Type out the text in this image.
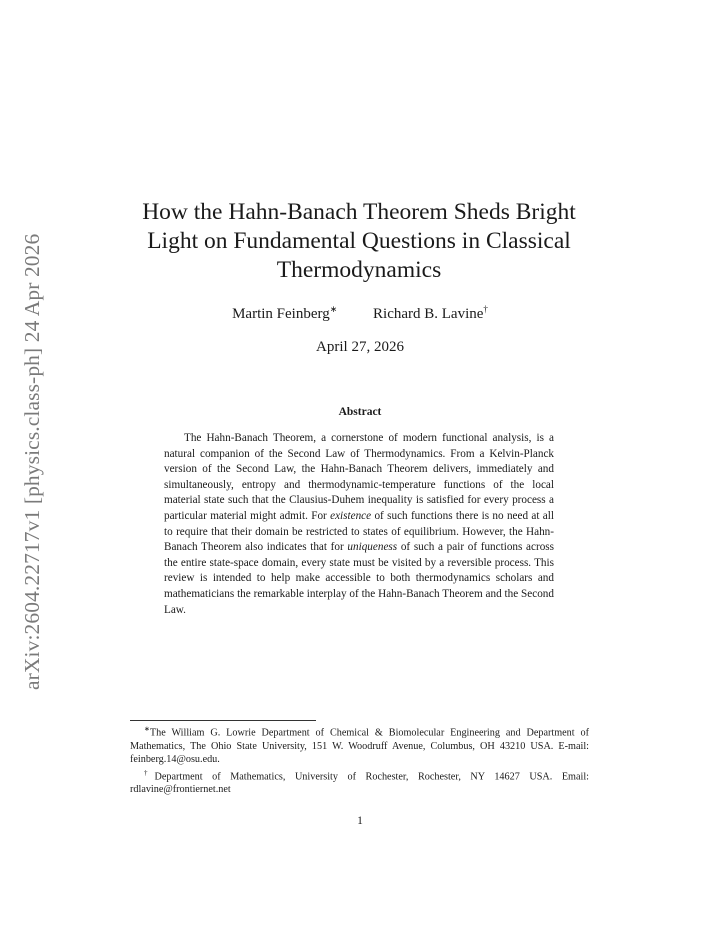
arXiv:2604.22717v1 [physics.class-ph] 24 Apr 2026
How the Hahn-Banach Theorem Sheds Bright Light on Fundamental Questions in Classical Thermodynamics
Martin Feinberg∗ Richard B. Lavine†
April 27, 2026
Abstract

The Hahn-Banach Theorem, a cornerstone of modern functional analysis, is a natural companion of the Second Law of Thermodynamics. From a Kelvin-Planck version of the Second Law, the Hahn-Banach Theorem delivers, immediately and simultaneously, entropy and thermodynamic-temperature functions of the local material state such that the Clausius-Duhem inequality is satisfied for every process a particular material might admit. For existence of such functions there is no need at all to require that their domain be restricted to states of equilibrium. However, the Hahn-Banach Theorem also indicates that for uniqueness of such a pair of functions across the entire state-space domain, every state must be visited by a reversible process. This review is intended to help make accessible to both thermodynamics scholars and mathematicians the remarkable interplay of the Hahn-Banach Theorem and the Second Law.

∗The William G. Lowrie Department of Chemical & Biomolecular Engineering and Department of Mathematics, The Ohio State University, 151 W. Woodruff Avenue, Columbus, OH 43210 USA. E-mail: feinberg.14@osu.edu.

†Department of Mathematics, University of Rochester, Rochester, NY 14627 USA. Email: rdlavine@frontiernet.net

1
